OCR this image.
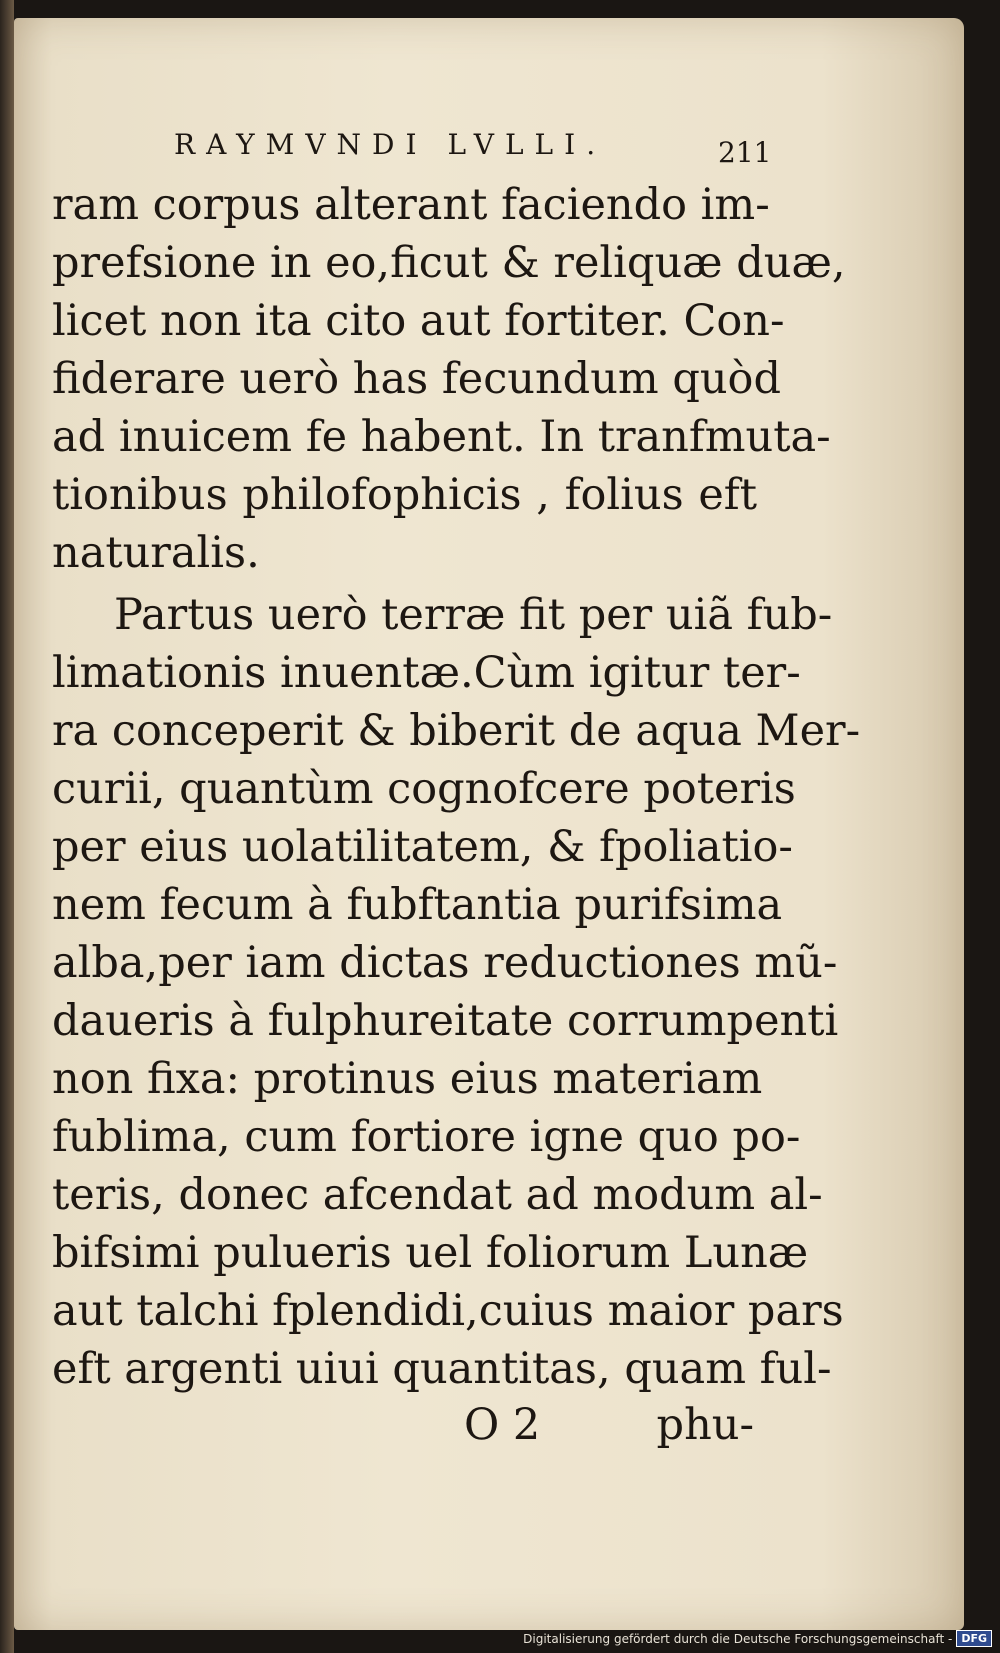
RAYMVNDI LVLLI.	211
ram corpus alterant faciendo im-
prefsione in eo,ficut & reliquæ duæ,
licet non ita cito aut fortiter. Con-
fiderare uerò has fecundum quòd
ad inuicem fe habent. In tranfmuta-
tionibus philofophicis , folius eft
naturalis.
Partus uerò terræ fit per uiã fub-
limationis inuentæ.Cùm igitur ter-
ra conceperit & biberit de aqua Mer-
curii, quantùm cognofcere poteris
per eius uolatilitatem, & fpoliatio-
nem fecum à fubftantia purifsima
alba,per iam dictas reductiones mũ-
daueris à fulphureitate corrumpenti
non fixa: protinus eius materiam
fublima, cum fortiore igne quo po-
teris, donec afcendat ad modum al-
bifsimi pulueris uel foliorum Lunæ
aut talchi fplendidi,cuius maior pars
eft argenti uiui quantitas, quam ful-
O 2	phu-
Digitalisierung gefördert durch die Deutsche Forschungsgemeinschaft - DFG
